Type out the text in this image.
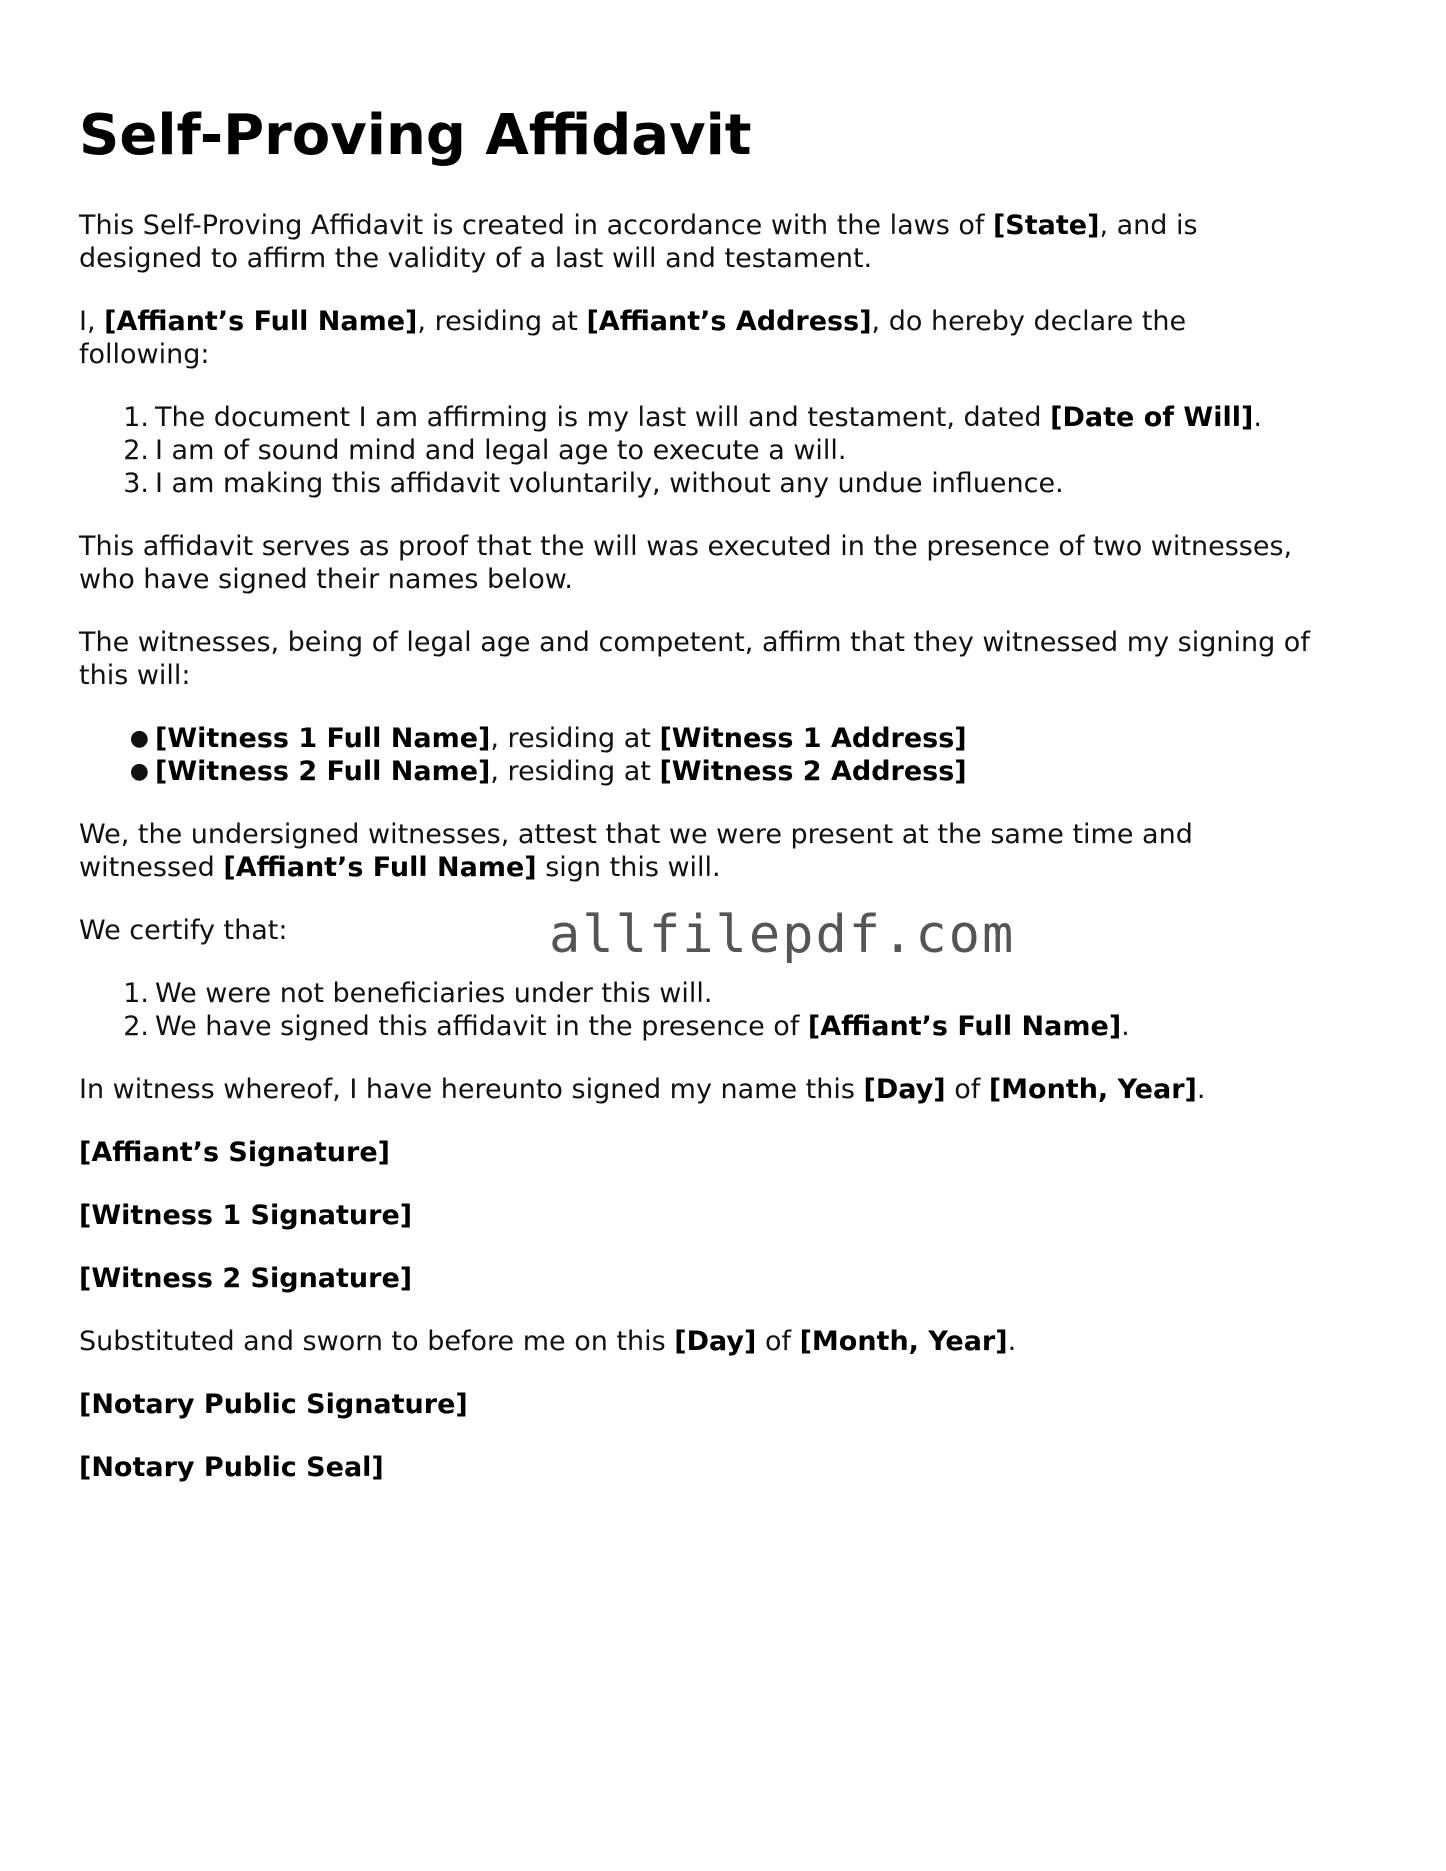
Self-Proving Affidavit

This Self-Proving Affidavit is created in accordance with the laws of [State], and is

designed to affirm the validity of a last will and testament.

I, [Affiant’s Full Name], residing at [Affiant’s Address], do hereby declare the

following:

1. The document I am affirming is my last will and testament, dated [Date of Will].

2. I am of sound mind and legal age to execute a will.

3. I am making this affidavit voluntarily, without any undue influence.

This affidavit serves as proof that the will was executed in the presence of two witnesses,

who have signed their names below.

The witnesses, being of legal age and competent, affirm that they witnessed my signing of

this will:

● [Witness 1 Full Name], residing at [Witness 1 Address]

● [Witness 2 Full Name], residing at [Witness 2 Address]

We, the undersigned witnesses, attest that we were present at the same time and

witnessed [Affiant’s Full Name] sign this will.

We certify that:

1. We were not beneficiaries under this will.

2. We have signed this affidavit in the presence of [Affiant’s Full Name].

In witness whereof, I have hereunto signed my name this [Day] of [Month, Year].

[Affiant’s Signature]

[Witness 1 Signature]

[Witness 2 Signature]

Substituted and sworn to before me on this [Day] of [Month, Year].

[Notary Public Signature]

[Notary Public Seal]

allfilepdf.com
